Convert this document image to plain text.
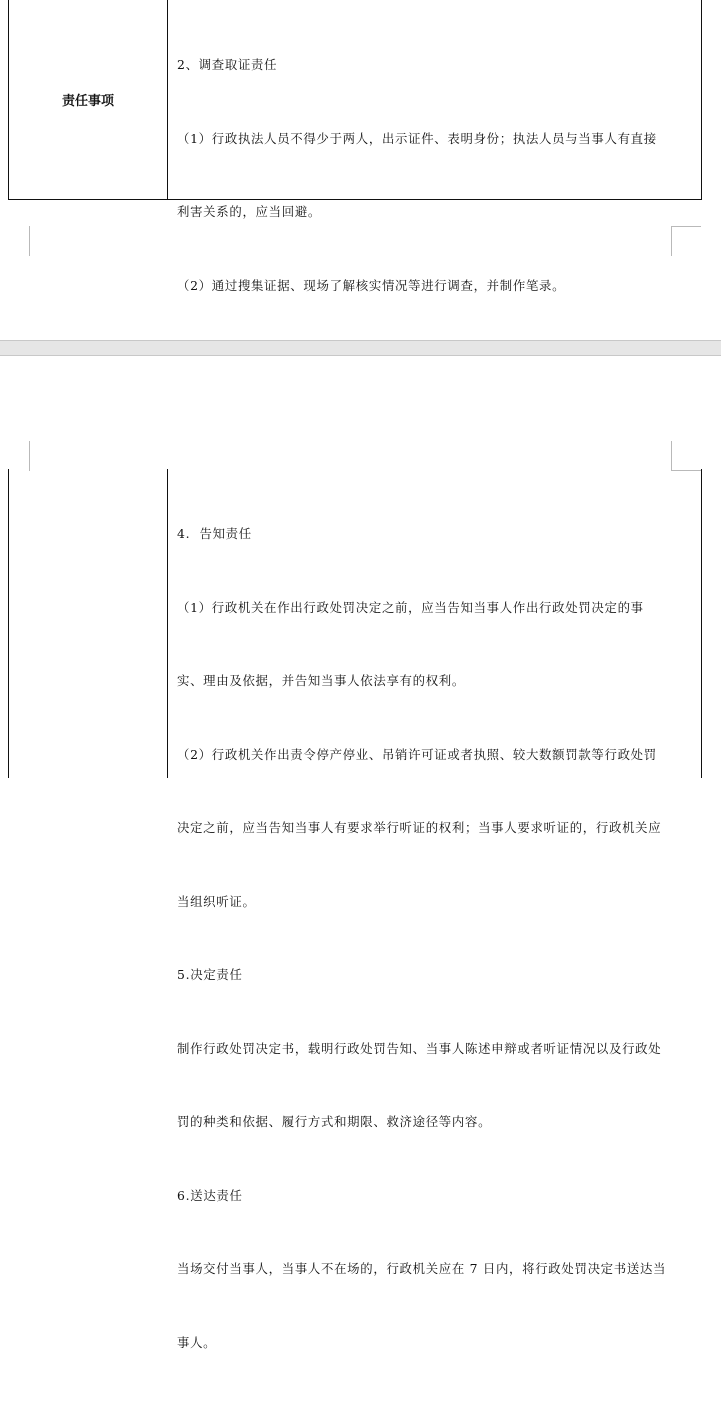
责任事项

2、调查取证责任

（1）行政执法人员不得少于两人，出示证件、表明身份；执法人员与当事人有直接

利害关系的，应当回避。

（2）通过搜集证据、现场了解核实情况等进行调查，并制作笔录。

4.  告知责任

（1）行政机关在作出行政处罚决定之前，应当告知当事人作出行政处罚决定的事

实、理由及依据，并告知当事人依法享有的权利。

（2）行政机关作出责令停产停业、吊销许可证或者执照、较大数额罚款等行政处罚

决定之前，应当告知当事人有要求举行听证的权利；当事人要求听证的，行政机关应

当组织听证。

5.决定责任

制作行政处罚决定书，载明行政处罚告知、当事人陈述申辩或者听证情况以及行政处

罚的种类和依据、履行方式和期限、救济途径等内容。

6.送达责任

当场交付当事人，当事人不在场的，行政机关应在 7 日内，将行政处罚决定书送达当

事人。
